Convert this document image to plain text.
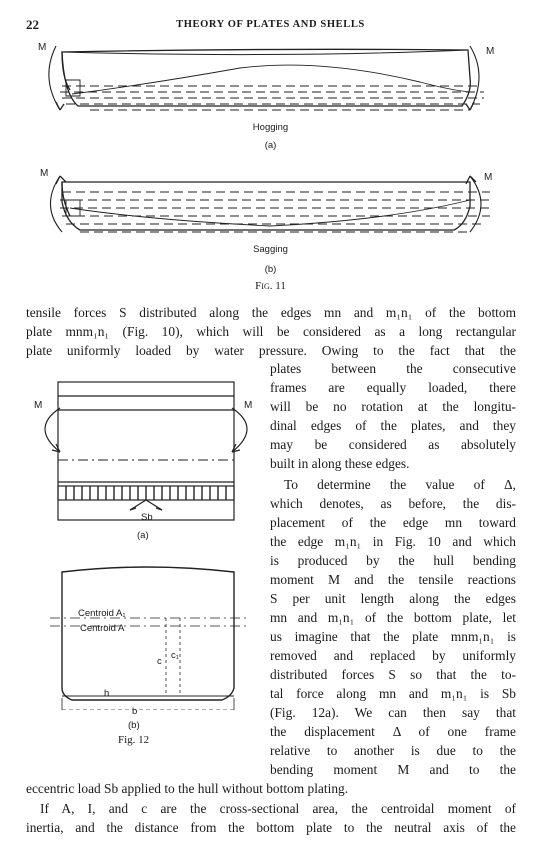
22	THEORY OF PLATES AND SHELLS
M	M
Hogging
(a)
M	M
Sagging
(b)
Fig. 11
tensile forces S distributed along the edges mn and m₁n₁ of the bottom
plate mnm₁n₁ (Fig. 10), which will be considered as a long rectangular
plate uniformly loaded by water pressure. Owing to the fact that the
M	M
Sb
(a)
Centroid A₁
Centroid A
c
c₁
h
b
(b)
Fig. 12
plates between the consecutive
frames are equally loaded, there
will be no rotation at the longitu-
dinal edges of the plates, and they
may be considered as absolutely
built in along these edges.
To determine the value of Δ,
which denotes, as before, the dis-
placement of the edge mn toward
the edge m₁n₁ in Fig. 10 and which
is produced by the hull bending
moment M and the tensile reactions
S per unit length along the edges
mn and m₁n₁ of the bottom plate, let
us imagine that the plate mnm₁n₁ is
removed and replaced by uniformly
distributed forces S so that the to-
tal force along mn and m₁n₁ is Sb
(Fig. 12a). We can then say that
the displacement Δ of one frame
relative to another is due to the
bending moment M and to the
eccentric load Sb applied to the hull without bottom plating.
If A, I, and c are the cross-sectional area, the centroidal moment of
inertia, and the distance from the bottom plate to the neutral axis of the
